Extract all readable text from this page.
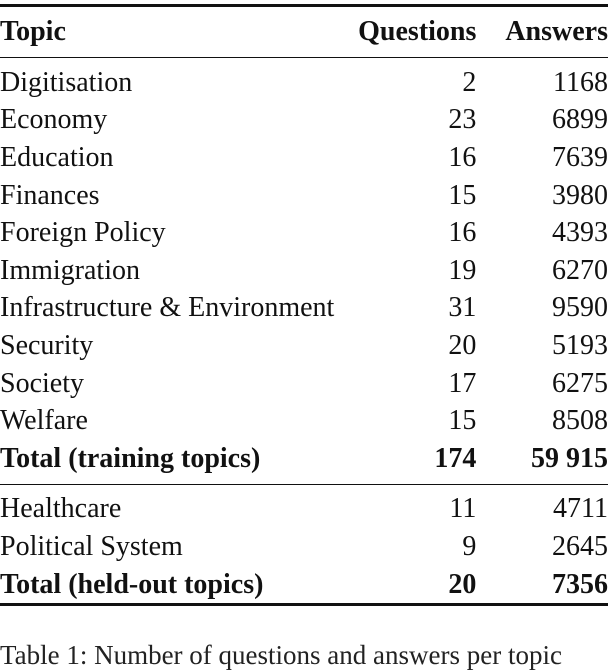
Topic	Questions	Answers
Digitisation	2	1168
Economy	23	6899
Education	16	7639
Finances	15	3980
Foreign Policy	16	4393
Immigration	19	6270
Infrastructure & Environment	31	9590
Security	20	5193
Society	17	6275
Welfare	15	8508
Total (training topics)	174	59 915
Healthcare	11	4711
Political System	9	2645
Total (held-out topics)	20	7356
Table 1: Number of questions and answers per topic
